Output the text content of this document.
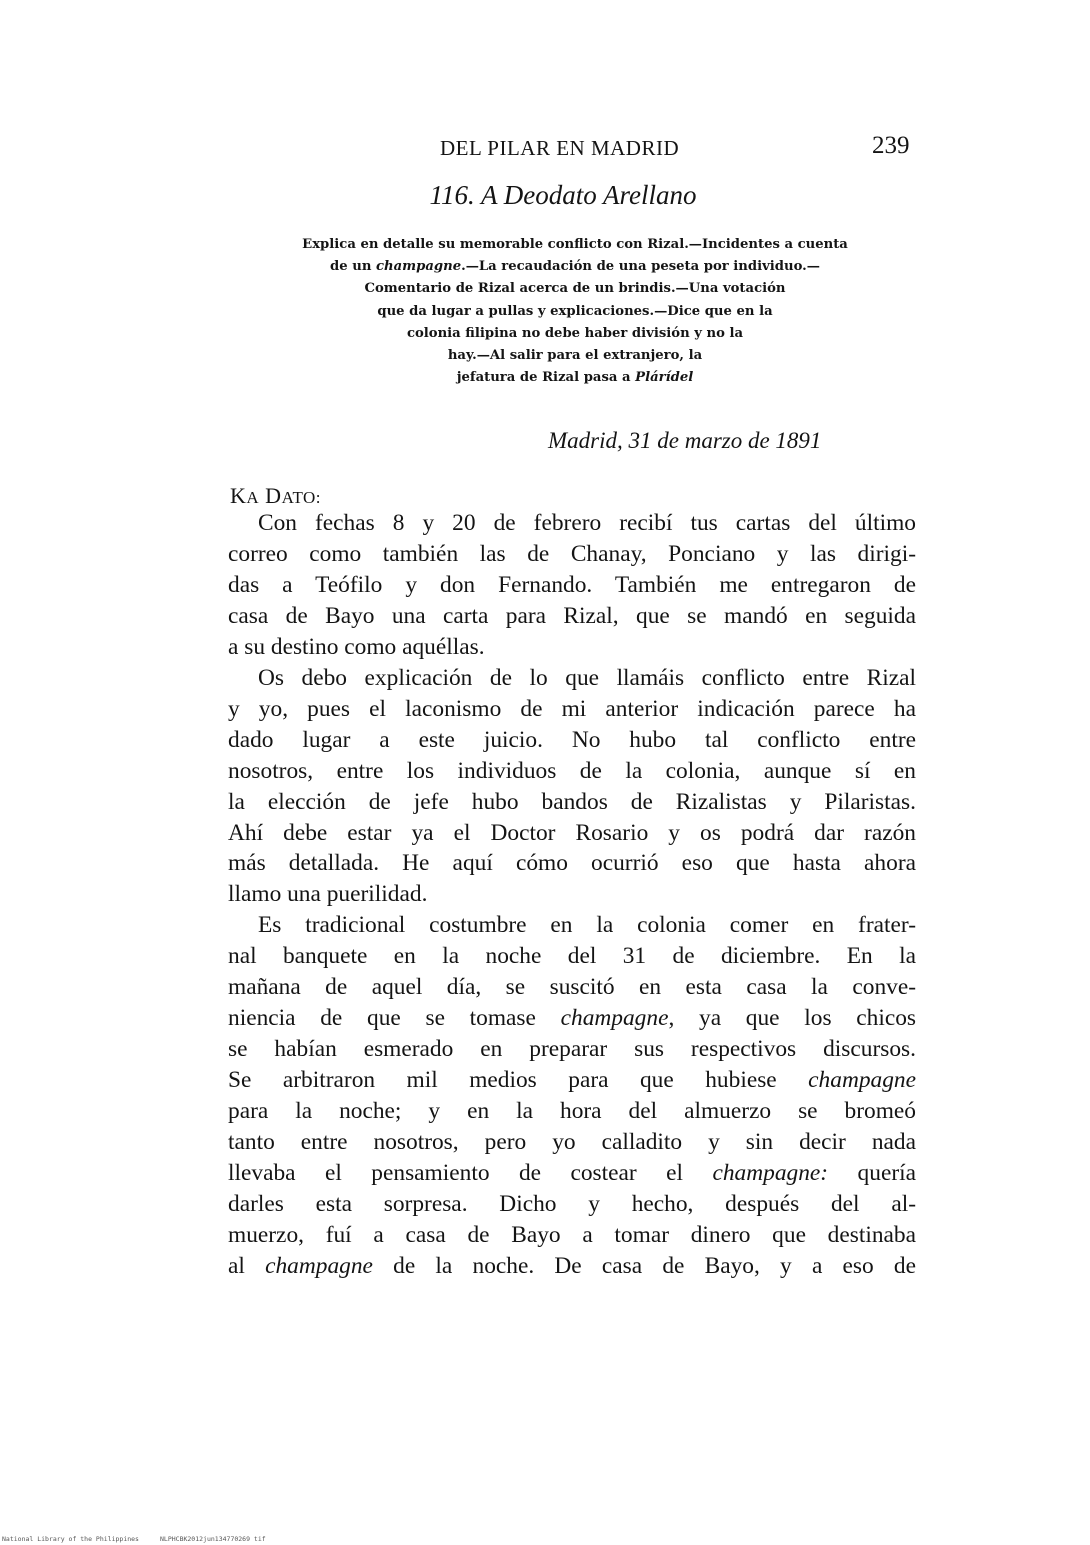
DEL PILAR EN MADRID	239
116. A Deodato Arellano
Explica en detalle su memorable conflicto con Rizal.—Incidentes a cuenta
de un champagne.—La recaudación de una peseta por individuo.—
Comentario de Rizal acerca de un brindis.—Una votación
que da lugar a pullas y explicaciones.—Dice que en la
colonia filipina no debe haber división y no la
hay.—Al salir para el extranjero, la
jefatura de Rizal pasa a Plárídel
Madrid, 31 de marzo de 1891
KA DATO:
Con fechas 8 y 20 de febrero recibí tus cartas del último
correo como también las de Chanay, Ponciano y las dirigi-
das a Teófilo y don Fernando. También me entregaron de
casa de Bayo una carta para Rizal, que se mandó en seguida
a su destino como aquéllas.
Os debo explicación de lo que llamáis conflicto entre Rizal
y yo, pues el laconismo de mi anterior indicación parece ha
dado lugar a este juicio. No hubo tal conflicto entre
nosotros, entre los individuos de la colonia, aunque sí en
la elección de jefe hubo bandos de Rizalistas y Pilaristas.
Ahí debe estar ya el Doctor Rosario y os podrá dar razón
más detallada. He aquí cómo ocurrió eso que hasta ahora
llamo una puerilidad.
Es tradicional costumbre en la colonia comer en frater-
nal banquete en la noche del 31 de diciembre. En la
mañana de aquel día, se suscitó en esta casa la conve-
niencia de que se tomase champagne, ya que los chicos
se habían esmerado en preparar sus respectivos discursos.
Se arbitraron mil medios para que hubiese champagne
para la noche; y en la hora del almuerzo se bromeó
tanto entre nosotros, pero yo calladito y sin decir nada
llevaba el pensamiento de costear el champagne: quería
darles esta sorpresa. Dicho y hecho, después del al-
muerzo, fuí a casa de Bayo a tomar dinero que destinaba
al champagne de la noche. De casa de Bayo, y a eso de
National Library of the Philippines	NLPHCBK2012jun134770269 tif
